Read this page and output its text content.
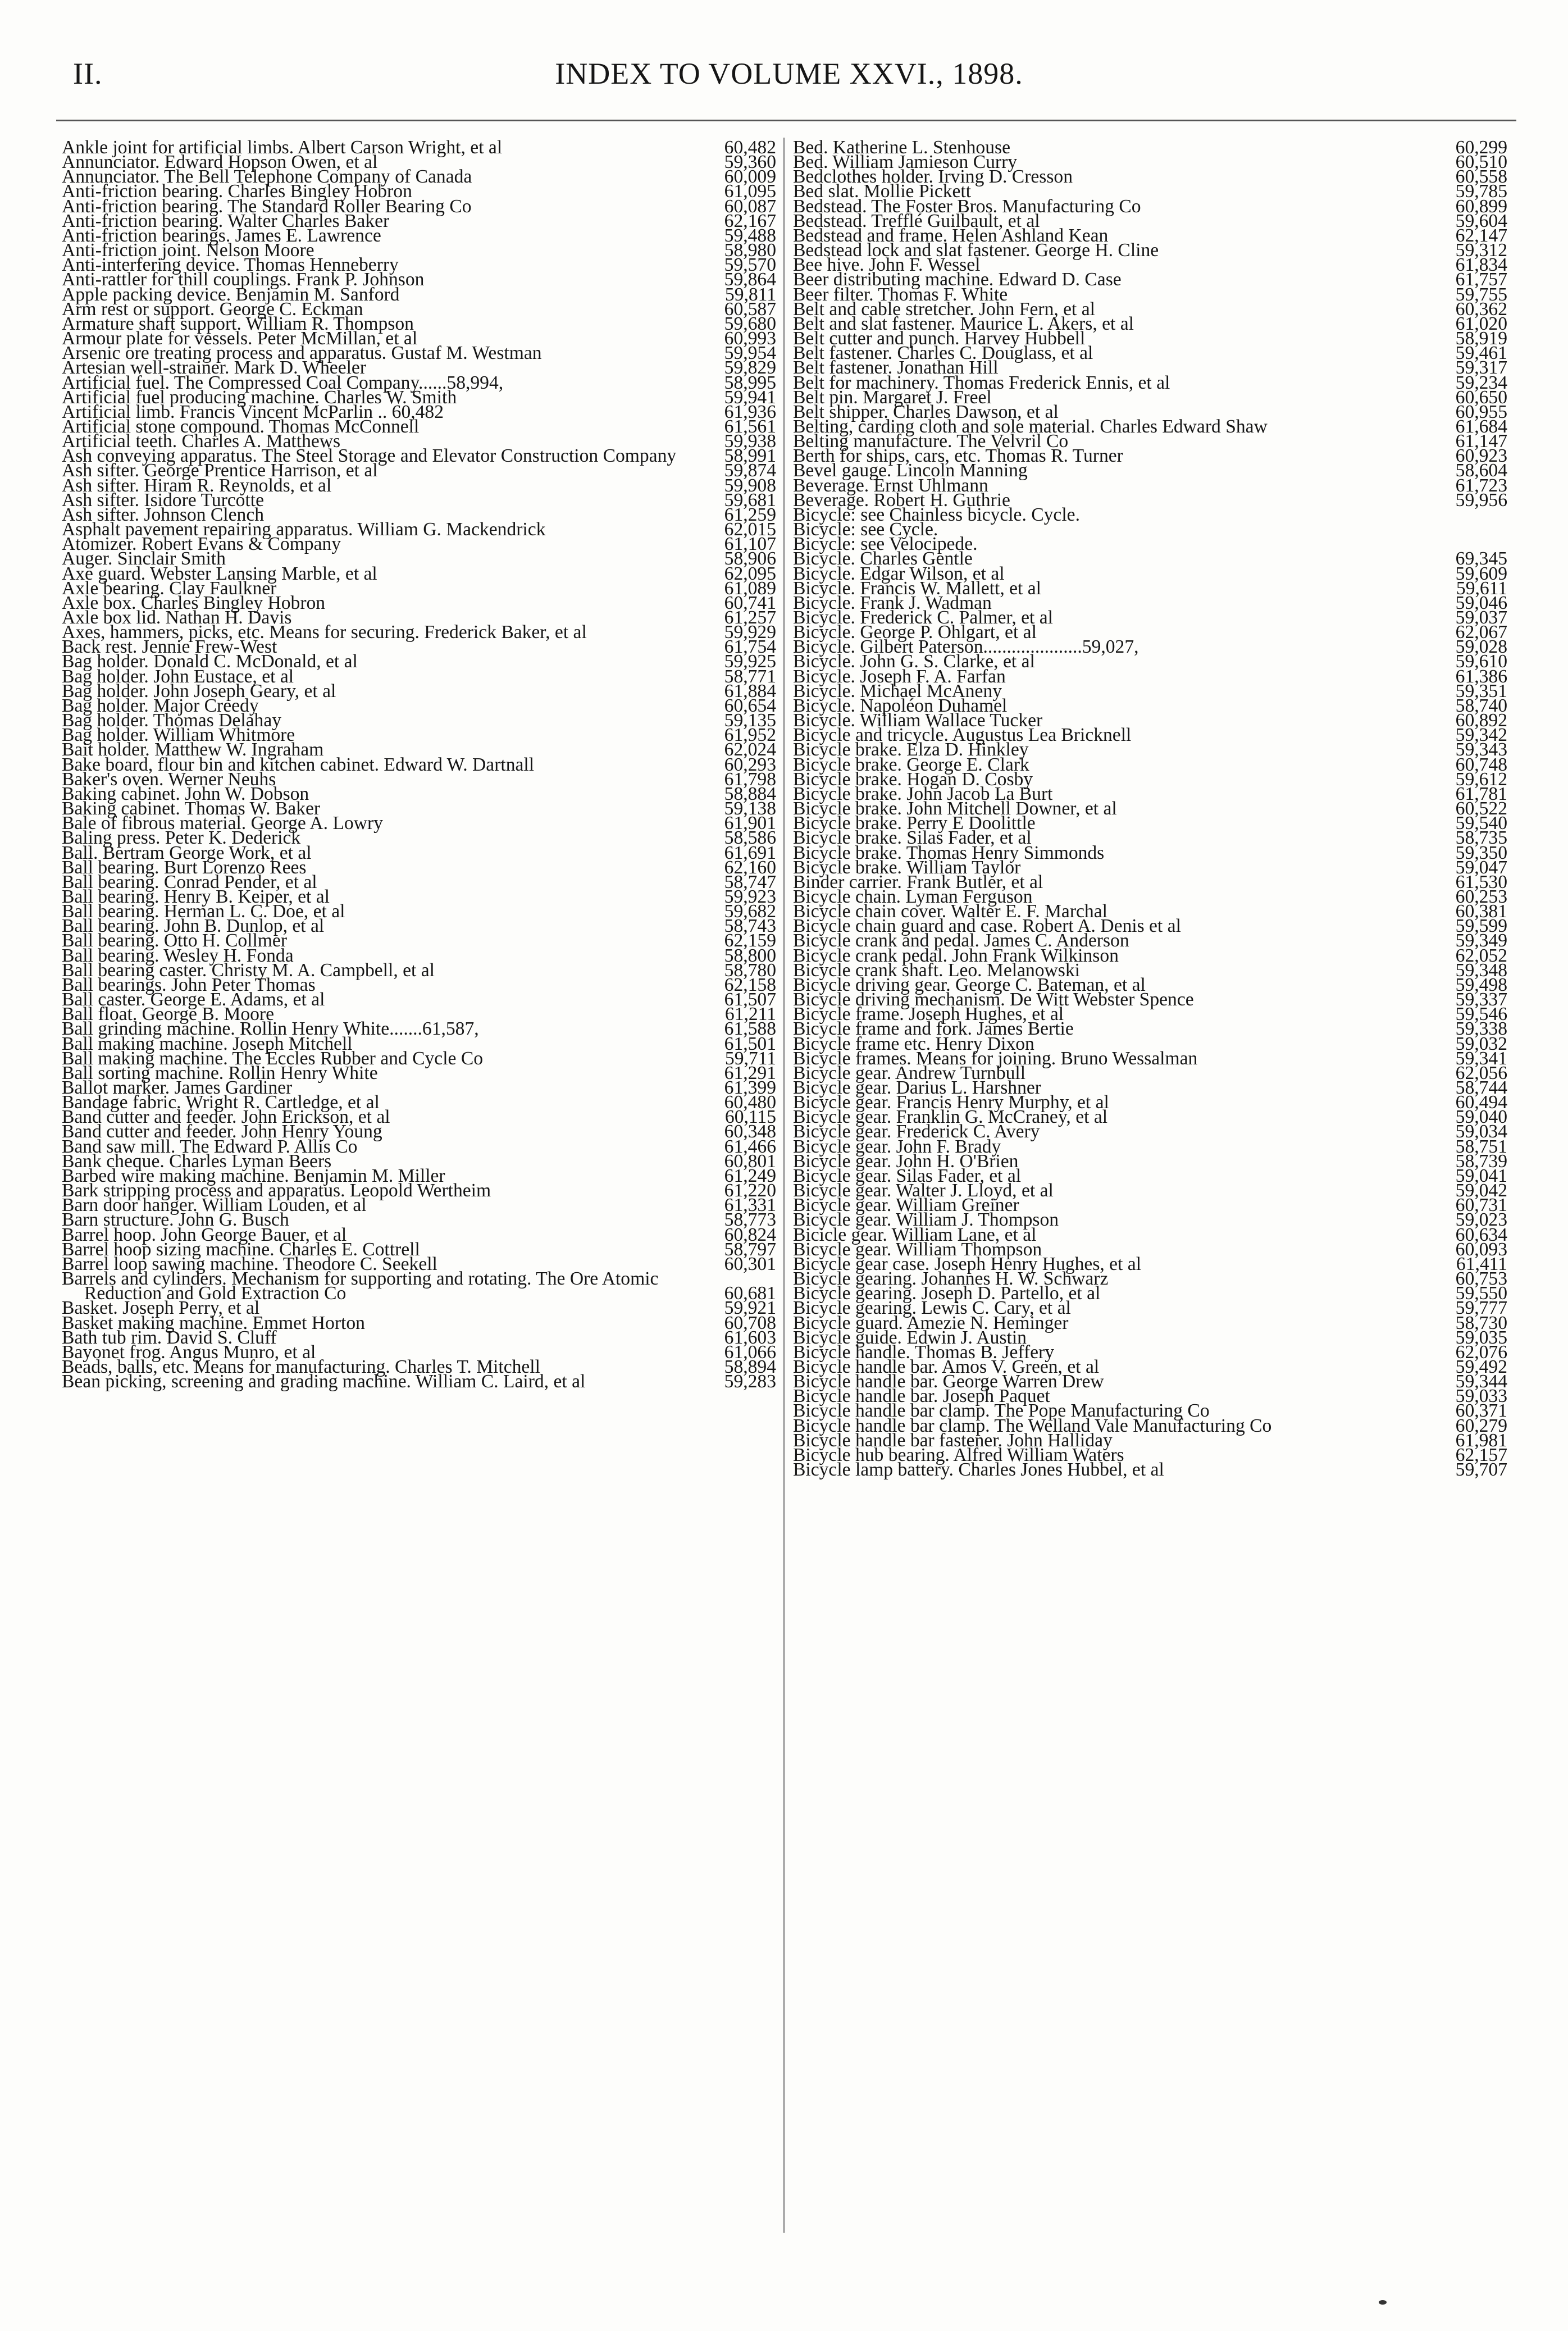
II.	INDEX TO VOLUME XXVI., 1898.
Ankle joint for artificial limbs. Albert Carson Wright, et al	60,482
Annunciator. Edward Hopson Owen, et al	59,360
Annunciator. The Bell Telephone Company of Canada	60,009
Anti-friction bearing. Charles Bingley Hobron	61,095
Anti-friction bearing. The Standard Roller Bearing Co	60,087
Anti-friction bearing. Walter Charles Baker	62,167
Anti-friction bearings. James E. Lawrence	59,488
Anti-friction joint. Nelson Moore	58,980
Anti-interfering device. Thomas Henneberry	59,570
Anti-rattler for thill couplings. Frank P. Johnson	59,864
Apple packing device. Benjamin M. Sanford	59,811
Arm rest or support. George C. Eckman	60,587
Armature shaft support. William R. Thompson	59,680
Armour plate for vessels. Peter McMillan, et al	60,993
Arsenic ore treating process and apparatus. Gustaf M. Westman	59,954
Artesian well-strainer. Mark D. Wheeler	59,829
Artificial fuel. The Compressed Coal Company......58,994,	58,995
Artificial fuel producing machine. Charles W. Smith	59,941
Artificial limb. Francis Vincent McParlin .. 60,482	61,936
Artificial stone compound. Thomas McConnell	61,561
Artificial teeth. Charles A. Matthews	59,938
Ash conveying apparatus. The Steel Storage and Elevator Construction Company	58,991
Ash sifter. George Prentice Harrison, et al	59,874
Ash sifter. Hiram R. Reynolds, et al	59,908
Ash sifter. Isidore Turcotte	59,681
Ash sifter. Johnson Clench	61,259
Asphalt pavement repairing apparatus. William G. Mackendrick	62,015
Atomizer. Robert Evans & Company	61,107
Auger. Sinclair Smith	58,906
Axe guard. Webster Lansing Marble, et al	62,095
Axle bearing. Clay Faulkner	61,089
Axle box. Charles Bingley Hobron	60,741
Axle box lid. Nathan H. Davis	61,257
Axes, hammers, picks, etc. Means for securing. Frederick Baker, et al	59,929
Back rest. Jennie Frew-West	61,754
Bag holder. Donald C. McDonald, et al	59,925
Bag holder. John Eustace, et al	58,771
Bag holder. John Joseph Geary, et al	61,884
Bag holder. Major Creedy	60,654
Bag holder. Thomas Delahay	59,135
Bag holder. William Whitmore	61,952
Bait holder. Matthew W. Ingraham	62,024
Bake board, flour bin and kitchen cabinet. Edward W. Dartnall	60,293
Baker's oven. Werner Neuhs	61,798
Baking cabinet. John W. Dobson	58,884
Baking cabinet. Thomas W. Baker	59,138
Bale of fibrous material. George A. Lowry	61,901
Baling press. Peter K. Dederick	58,586
Ball. Bertram George Work, et al	61,691
Ball bearing. Burt Lorenzo Rees	62,160
Ball bearing. Conrad Pender, et al	58,747
Ball bearing. Henry B. Keiper, et al	59,923
Ball bearing. Herman L. C. Doe, et al	59,682
Ball bearing. John B. Dunlop, et al	58,743
Ball bearing. Otto H. Collmer	62,159
Ball bearing. Wesley H. Fonda	58,800
Ball bearing caster. Christy M. A. Campbell, et al	58,780
Ball bearings. John Peter Thomas	62,158
Ball caster. George E. Adams, et al	61,507
Ball float. George B. Moore	61,211
Ball grinding machine. Rollin Henry White.......61,587,	61,588
Ball making machine. Joseph Mitchell	61,501
Ball making machine. The Eccles Rubber and Cycle Co	59,711
Ball sorting machine. Rollin Henry White	61,291
Ballot marker. James Gardiner	61,399
Bandage fabric. Wright R. Cartledge, et al	60,480
Band cutter and feeder. John Erickson, et al	60,115
Band cutter and feeder. John Henry Young	60,348
Band saw mill. The Edward P. Allis Co	61,466
Bank cheque. Charles Lyman Beers	60,801
Barbed wire making machine. Benjamin M. Miller	61,249
Bark stripping process and apparatus. Leopold Wertheim	61,220
Barn door hanger. William Louden, et al	61,331
Barn structure. John G. Busch	58,773
Barrel hoop. John George Bauer, et al	60,824
Barrel hoop sizing machine. Charles E. Cottrell	58,797
Barrel loop sawing machine. Theodore C. Seekell	60,301
Barrels and cylinders. Mechanism for supporting and rotating. The Ore Atomic Reduction and Gold Extraction Co	60,681
Basket. Joseph Perry, et al	59,921
Basket making machine. Emmet Horton	60,708
Bath tub rim. David S. Cluff	61,603
Bayonet frog. Angus Munro, et al	61,066
Beads, balls, etc. Means for manufacturing. Charles T. Mitchell	58,894
Bean picking, screening and grading machine. William C. Laird, et al	59,283
Bed. Katherine L. Stenhouse	60,299
Bed. William Jamieson Curry	60,510
Bedclothes holder. Irving D. Cresson	60,558
Bed slat. Mollie Pickett	59,785
Bedstead. The Foster Bros. Manufacturing Co	60,899
Bedstead. Trefflé Guilbault, et al	59,604
Bedstead and frame. Helen Ashland Kean	62,147
Bedstead lock and slat fastener. George H. Cline	59,312
Bee hive. John F. Wessel	61,834
Beer distributing machine. Edward D. Case	61,757
Beer filter. Thomas F. White	59,755
Belt and cable stretcher. John Fern, et al	60,362
Belt and slat fastener. Maurice L. Akers, et al	61,020
Belt cutter and punch. Harvey Hubbell	58,919
Belt fastener. Charles C. Douglass, et al	59,461
Belt fastener. Jonathan Hill	59,317
Belt for machinery. Thomas Frederick Ennis, et al	59,234
Belt pin. Margaret J. Freel	60,650
Belt shipper. Charles Dawson, et al	60,955
Belting, carding cloth and sole material. Charles Edward Shaw	61,684
Belting manufacture. The Velvril Co	61,147
Berth for ships, cars, etc. Thomas R. Turner	60,923
Bevel gauge. Lincoln Manning	58,604
Beverage. Ernst Uhlmann	61,723
Beverage. Robert H. Guthrie	59,956
Bicycle: see Chainless bicycle. Cycle.
Bicycle: see Cycle.
Bicycle: see Velocipede.
Bicycle. Charles Gentle	69,345
Bicycle. Edgar Wilson, et al	59,609
Bicycle. Francis W. Mallett, et al	59,611
Bicycle. Frank J. Wadman	59,046
Bicycle. Frederick C. Palmer, et al	59,037
Bicycle. George P. Ohlgart, et al	62,067
Bicycle. Gilbert Paterson.....................59,027,	59,028
Bicycle. John G. S. Clarke, et al	59,610
Bicycle. Joseph F. A. Farfan	61,386
Bicycle. Michael McAneny	59,351
Bicycle. Napoléon Duhamel	58,740
Bicycle. William Wallace Tucker	60,892
Bicycle and tricycle. Augustus Lea Bricknell	59,342
Bicycle brake. Elza D. Hinkley	59,343
Bicycle brake. George E. Clark	60,748
Bicycle brake. Hogan D. Cosby	59,612
Bicycle brake. John Jacob La Burt	61,781
Bicycle brake. John Mitchell Downer, et al	60,522
Bicycle brake. Perry E Doolittle	59,540
Bicycle brake. Silas Fader, et al	58,735
Bicycle brake. Thomas Henry Simmonds	59,350
Bicycle brake. William Taylor	59,047
Binder carrier. Frank Butler, et al	61,530
Bicycle chain. Lyman Ferguson	60,253
Bicycle chain cover. Walter E. F. Marchal	60,381
Bicycle chain guard and case. Robert A. Denis et al	59,599
Bicycle crank and pedal. James C. Anderson	59,349
Bicycle crank pedal. John Frank Wilkinson	62,052
Bicycle crank shaft. Leo. Melanowski	59,348
Bicycle driving gear. George C. Bateman, et al	59,498
Bicycle driving mechanism. De Witt Webster Spence	59,337
Bicycle frame. Joseph Hughes, et al	59,546
Bicycle frame and fork. James Bertie	59,338
Bicycle frame etc. Henry Dixon	59,032
Bicycle frames. Means for joining. Bruno Wessalman	59,341
Bicycle gear. Andrew Turnbull	62,056
Bicycle gear. Darius L. Harshner	58,744
Bicycle gear. Francis Henry Murphy, et al	60,494
Bicycle gear. Franklin G. McCraney, et al	59,040
Bicycle gear. Frederick C. Avery	59,034
Bicycle gear. John F. Brady	58,751
Bicycle gear. John H. O'Brien	58,739
Bicycle gear. Silas Fader, et al	59,041
Bicycle gear. Walter J. Lloyd, et al	59,042
Bicycle gear. William Greiner	60,731
Bicycle gear. William J. Thompson	59,023
Bicicle gear. William Lane, et al	60,634
Bicycle gear. William Thompson	60,093
Bicycle gear case. Joseph Henry Hughes, et al	61,411
Bicycle gearing. Johannes H. W. Schwarz	60,753
Bicycle gearing. Joseph D. Partello, et al	59,550
Bicycle gearing. Lewis C. Cary, et al	59,777
Bicycle guard. Amezie N. Heminger	58,730
Bicycle guide. Edwin J. Austin	59,035
Bicycle handle. Thomas B. Jeffery	62,076
Bicycle handle bar. Amos V. Green, et al	59,492
Bicycle handle bar. George Warren Drew	59,344
Bicycle handle bar. Joseph Paquet	59,033
Bicycle handle bar clamp. The Pope Manufacturing Co	60,371
Bicycle handle bar clamp. The Welland Vale Manufacturing Co	60,279
Bicycle handle bar fastener. John Halliday	61,981
Bicycle hub bearing. Alfred William Waters	62,157
Bicycle lamp battery. Charles Jones Hubbel, et al	59,707
